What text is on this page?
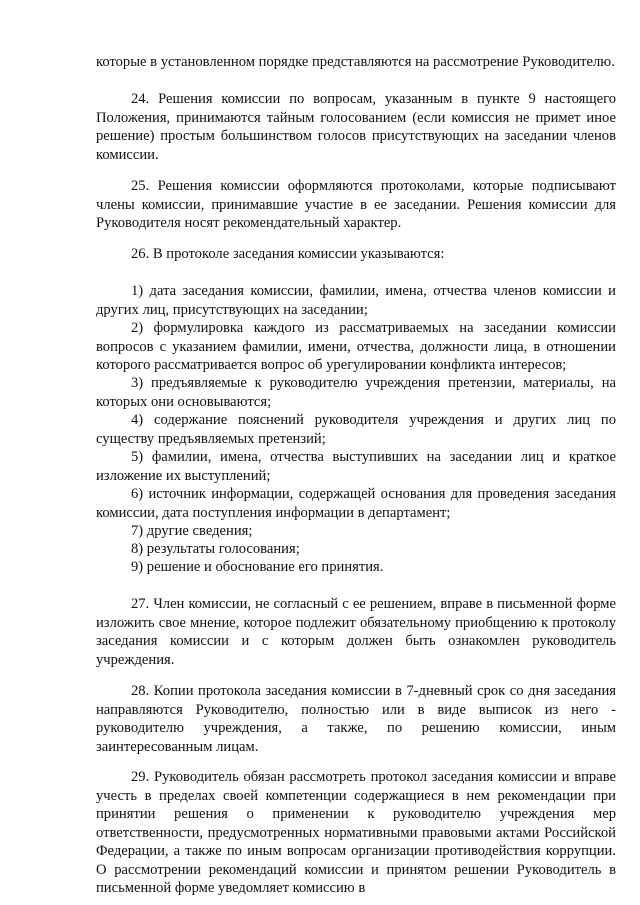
которые в установленном порядке представляются на рассмотрение Руководителю.

24. Решения комиссии по вопросам, указанным в пункте 9 настоящего Положения, принимаются тайным голосованием (если комиссия не примет иное решение) простым большинством голосов присутствующих на заседании членов комиссии.

25. Решения комиссии оформляются протоколами, которые подписывают члены комиссии, принимавшие участие в ее заседании. Решения комиссии для Руководителя носят рекомендательный характер.

26. В протоколе заседания комиссии указываются:

1) дата заседания комиссии, фамилии, имена, отчества членов комиссии и других лиц, присутствующих на заседании;

2) формулировка каждого из рассматриваемых на заседании комиссии вопросов с указанием фамилии, имени, отчества, должности лица, в отношении которого рассматривается вопрос об урегулировании конфликта интересов;

3) предъявляемые к руководителю учреждения претензии, материалы, на которых они основываются;

4) содержание пояснений руководителя учреждения и других лиц по существу предъявляемых претензий;

5) фамилии, имена, отчества выступивших на заседании лиц и краткое изложение их выступлений;

6) источник информации, содержащей основания для проведения заседания комиссии, дата поступления информации в департамент;

7) другие сведения;

8) результаты голосования;

9) решение и обоснование его принятия.

27. Член комиссии, не согласный с ее решением, вправе в письменной форме изложить свое мнение, которое подлежит обязательному приобщению к протоколу заседания комиссии и с которым должен быть ознакомлен руководитель учреждения.

28. Копии протокола заседания комиссии в 7-дневный срок со дня заседания направляются Руководителю, полностью или в виде выписок из него - руководителю учреждения, а также, по решению комиссии, иным заинтересованным лицам.

29. Руководитель обязан рассмотреть протокол заседания комиссии и вправе учесть в пределах своей компетенции содержащиеся в нем рекомендации при принятии решения о применении к руководителю учреждения мер ответственности, предусмотренных нормативными правовыми актами Российской Федерации, а также по иным вопросам организации противодействия коррупции. О рассмотрении рекомендаций комиссии и принятом решении Руководитель в письменной форме уведомляет комиссию в
